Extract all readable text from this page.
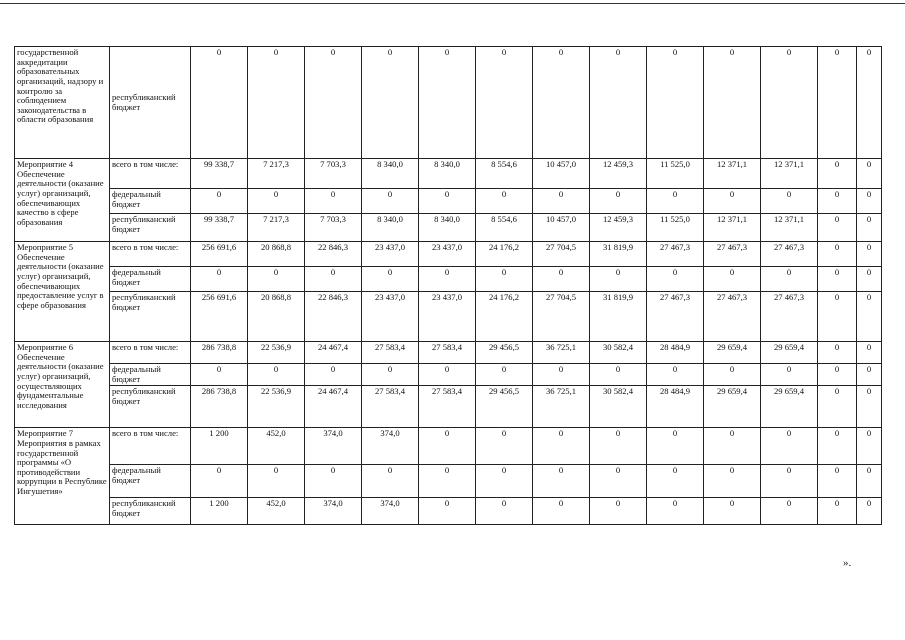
государственной аккредитации образовательных организаций, надзору и контролю за соблюдением законодательства в области образования	республиканский бюджет	0	0	0	0	0	0	0	0	0	0	0	0	0
Мероприятие 4 Обеспечение деятельности (оказание услуг) организаций, обеспечивающих качество в сфере образования	всего в том числе:	99 338,7	7 217,3	7 703,3	8 340,0	8 340,0	8 554,6	10 457,0	12 459,3	11 525,0	12 371,1	12 371,1	0	0
	федеральный бюджет	0	0	0	0	0	0	0	0	0	0	0	0	0
	республиканский бюджет	99 338,7	7 217,3	7 703,3	8 340,0	8 340,0	8 554,6	10 457,0	12 459,3	11 525,0	12 371,1	12 371,1	0	0
Мероприятие 5 Обеспечение деятельности (оказание услуг) организаций, обеспечивающих предоставление услуг в сфере образования	всего в том числе:	256 691,6	20 868,8	22 846,3	23 437,0	23 437,0	24 176,2	27 704,5	31 819,9	27 467,3	27 467,3	27 467,3	0	0
	федеральный бюджет	0	0	0	0	0	0	0	0	0	0	0	0	0
	республиканский бюджет	256 691,6	20 868,8	22 846,3	23 437,0	23 437,0	24 176,2	27 704,5	31 819,9	27 467,3	27 467,3	27 467,3	0	0
Мероприятие 6 Обеспечение деятельности (оказание услуг) организаций, осуществляющих фундаментальные исследования	всего в том числе:	286 738,8	22 536,9	24 467,4	27 583,4	27 583,4	29 456,5	36 725,1	30 582,4	28 484,9	29 659,4	29 659,4	0	0
	федеральный бюджет	0	0	0	0	0	0	0	0	0	0	0	0	0
	республиканский бюджет	286 738,8	22 536,9	24 467,4	27 583,4	27 583,4	29 456,5	36 725,1	30 582,4	28 484,9	29 659,4	29 659,4	0	0
Мероприятие 7 Мероприятия в рамках государственной программы «О противодействии коррупции в Республике Ингушетия»	всего в том числе:	1 200	452,0	374,0	374,0	0	0	0	0	0	0	0	0	0
	федеральный бюджет	0	0	0	0	0	0	0	0	0	0	0	0	0
	республиканский бюджет	1 200	452,0	374,0	374,0	0	0	0	0	0	0	0	0	0
».
